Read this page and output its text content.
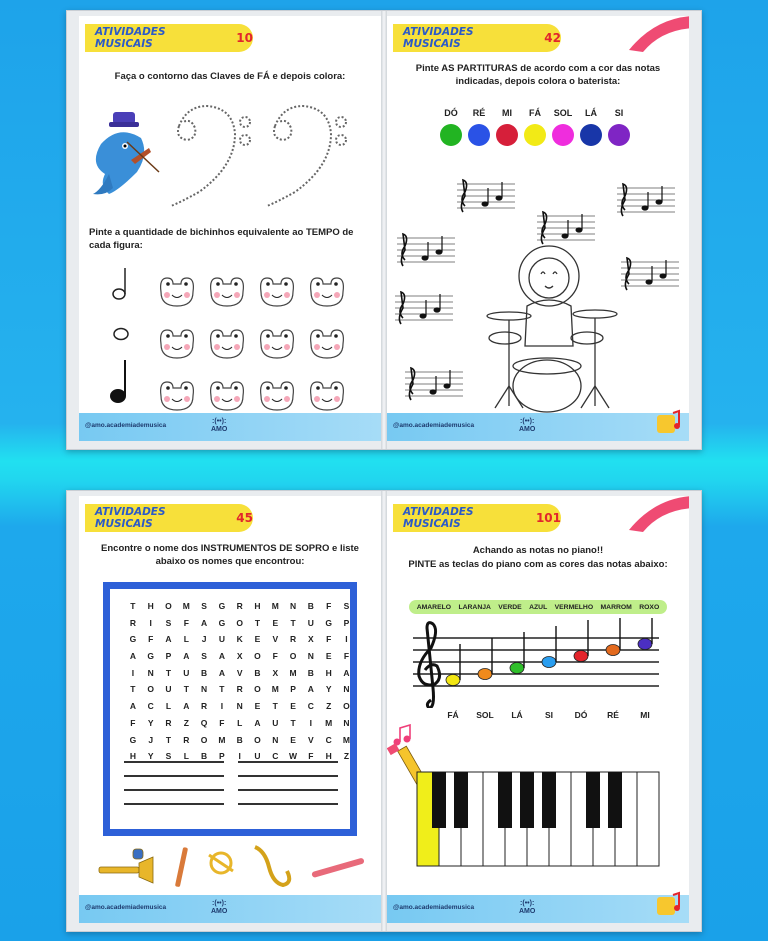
ATIVIDADES MUSICAIS	10
Faça o contorno das Claves de FÁ e depois colora:
Pinte a quantidade de bichinhos equivalente ao TEMPO de cada figura:
@amo.academiademusica
:(••):
AMO
ATIVIDADES MUSICAIS	42
Pinte AS PARTITURAS de acordo com a cor das notas indicadas, depois colora o baterista:
DÓ	RÉ	MI	FÁ	SOL	LÁ	SI
@amo.academiademusica
:(••):
AMO
ATIVIDADES MUSICAIS	45
Encontre o nome dos INSTRUMENTOS DE SOPRO e liste abaixo os nomes que encontrou:
T	H	O	M	S	G	R	H	M	N	B	F	S
R	I	S	F	A	G	O	T	E	T	U	G	P
G	F	A	L	J	U	K	E	V	R	X	F	I
A	G	P	A	S	A	X	O	F	O	N	E	F
I	N	T	U	B	A	V	B	X	M	B	H	A
T	O	U	T	N	T	R	O	M	P	A	Y	N
A	C	L	A	R	I	N	E	T	E	C	Z	O
F	Y	R	Z	Q	F	L	A	U	T	I	M	N
G	J	T	R	O	M	B	O	N	E	V	C	M
H	Y	S	L	B	P	I	U	C	W	F	H	Z
@amo.academiademusica
:(••):
AMO
ATIVIDADES MUSICAIS	101
Achando as notas no piano!!
PINTE as teclas do piano com as cores das notas abaixo:
AMARELO LARANJA VERDE AZUL VERMELHO MARROM ROXO
FÁ	SOL	LÁ	SI	DÓ	RÉ	MI
@amo.academiademusica
:(••):
AMO
